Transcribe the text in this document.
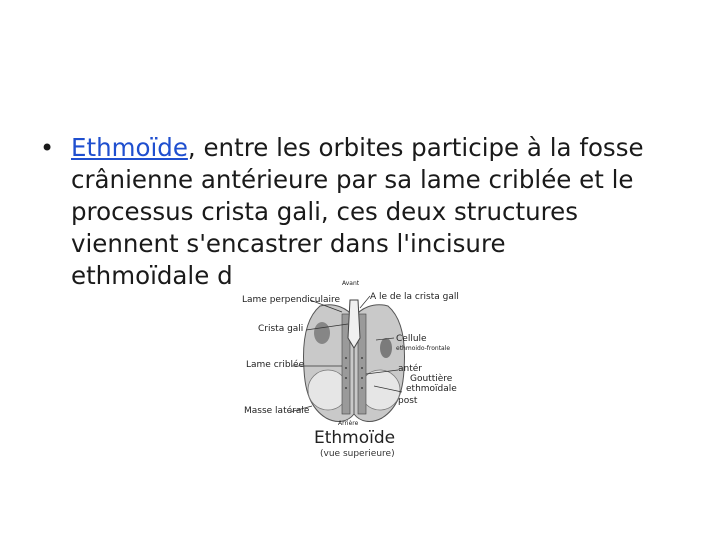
• Ethmoïde, entre les orbites participe à la fosse
crânienne antérieure par sa lame criblée et le
processus crista gali, ces deux structures
viennent s'encastrer dans l'incisure
ethmoïdale d	Avant
Lame perpendiculaire	A le de la crista gall
Crista gali
Cellule
ethmoido-frontale
Lame criblée	antér
Gouttière
ethmoïdale
post
Masse latérale
Arrière
Ethmoïde
(vue superieure)
